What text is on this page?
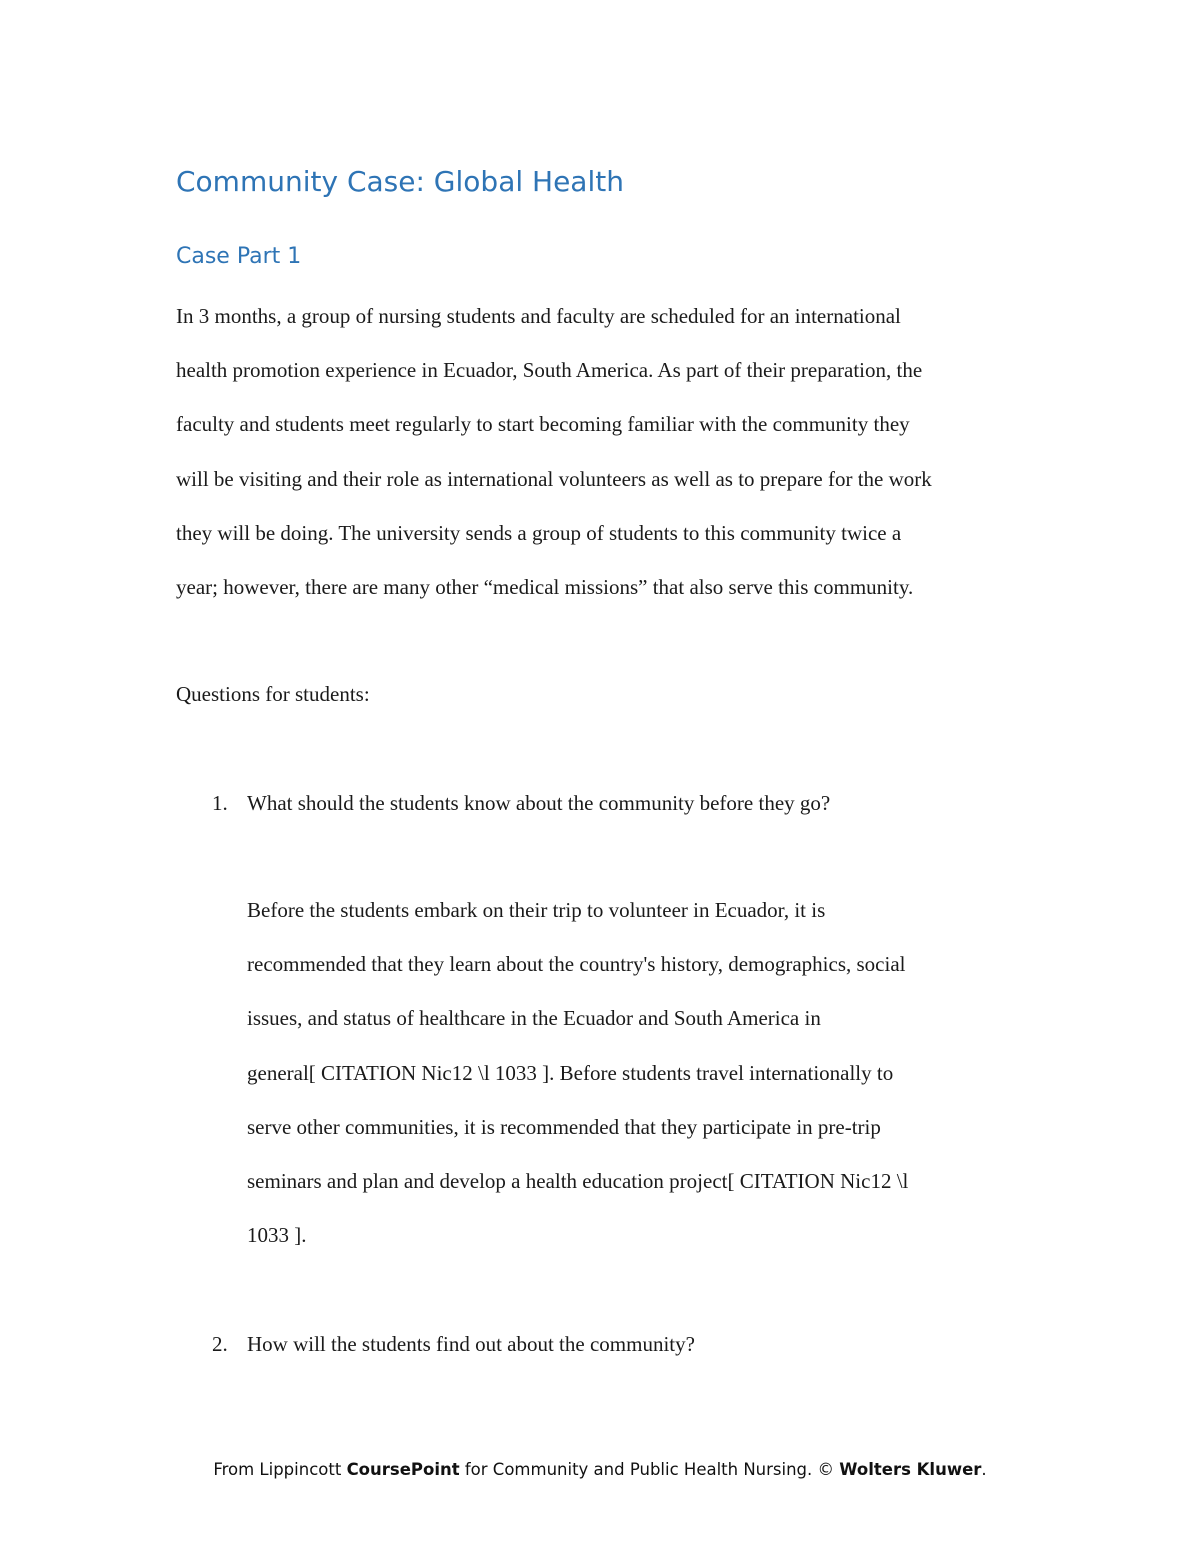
Community Case: Global Health
Case Part 1
In 3 months, a group of nursing students and faculty are scheduled for an international
health promotion experience in Ecuador, South America. As part of their preparation, the
faculty and students meet regularly to start becoming familiar with the community they
will be visiting and their role as international volunteers as well as to prepare for the work
they will be doing. The university sends a group of students to this community twice a
year; however, there are many other “medical missions” that also serve this community.

Questions for students:

1. What should the students know about the community before they go?
Before the students embark on their trip to volunteer in Ecuador, it is
recommended that they learn about the country's history, demographics, social
issues, and status of healthcare in the Ecuador and South America in
general[ CITATION Nic12 \l 1033 ]. Before students travel internationally to
serve other communities, it is recommended that they participate in pre-trip
seminars and plan and develop a health education project[ CITATION Nic12 \l
1033 ].
2. How will the students find out about the community?
From Lippincott CoursePoint for Community and Public Health Nursing. © Wolters Kluwer.
